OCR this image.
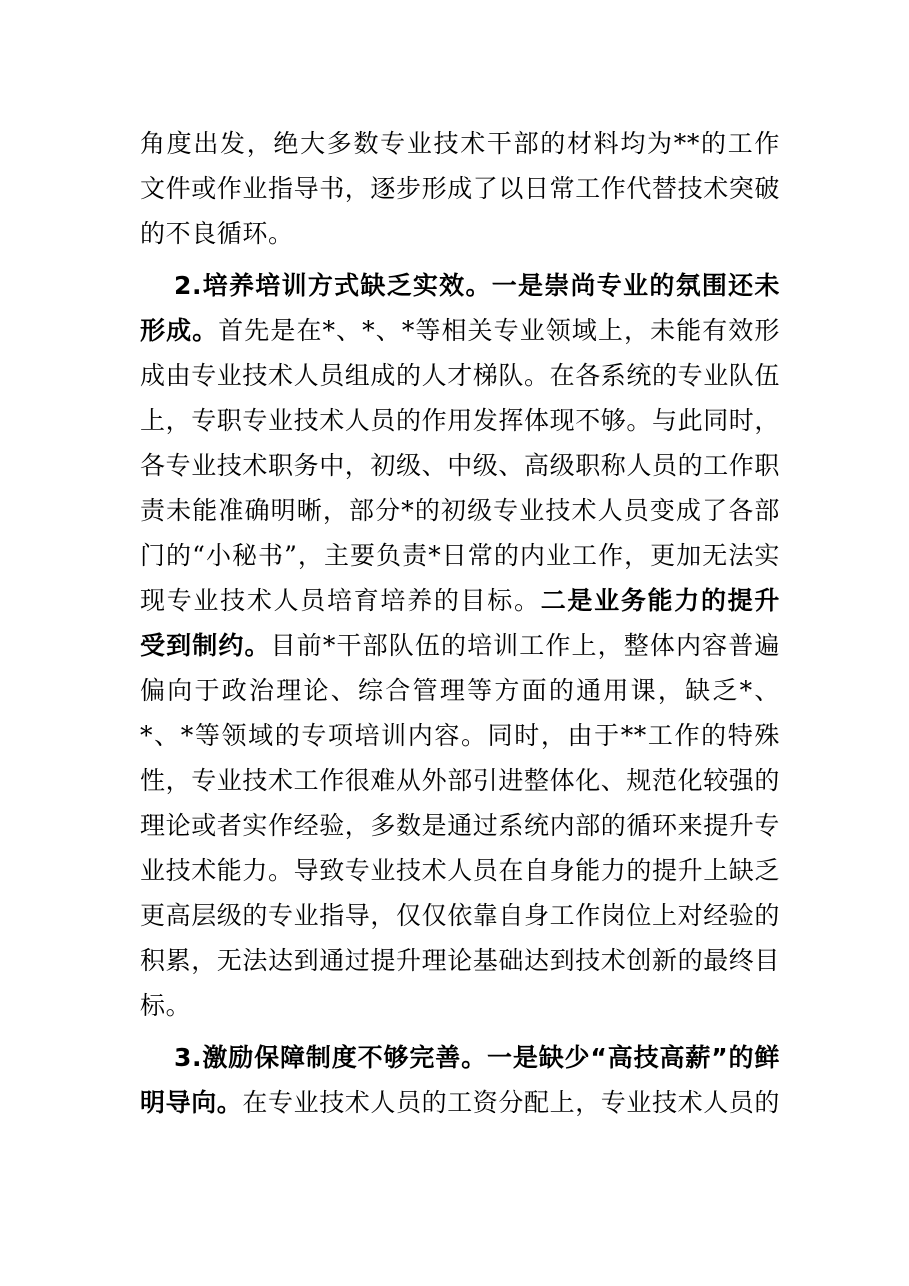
角度出发，绝大多数专业技术干部的材料均为**的工作文件或作业指导书，逐步形成了以日常工作代替技术突破的不良循环。

2.培养培训方式缺乏实效。一是崇尚专业的氛围还未形成。首先是在*、*、*等相关专业领域上，未能有效形成由专业技术人员组成的人才梯队。在各系统的专业队伍上，专职专业技术人员的作用发挥体现不够。与此同时，各专业技术职务中，初级、中级、高级职称人员的工作职责未能准确明晰，部分*的初级专业技术人员变成了各部门的“小秘书”，主要负责*日常的内业工作，更加无法实现专业技术人员培育培养的目标。二是业务能力的提升受到制约。目前*干部队伍的培训工作上，整体内容普遍偏向于政治理论、综合管理等方面的通用课，缺乏*、*、*等领域的专项培训内容。同时，由于**工作的特殊性，专业技术工作很难从外部引进整体化、规范化较强的理论或者实作经验，多数是通过系统内部的循环来提升专业技术能力。导致专业技术人员在自身能力的提升上缺乏更高层级的专业指导，仅仅依靠自身工作岗位上对经验的积累，无法达到通过提升理论基础达到技术创新的最终目标。

3.激励保障制度不够完善。一是缺少“高技高薪”的鲜明导向。在专业技术人员的工资分配上，专业技术人员的
